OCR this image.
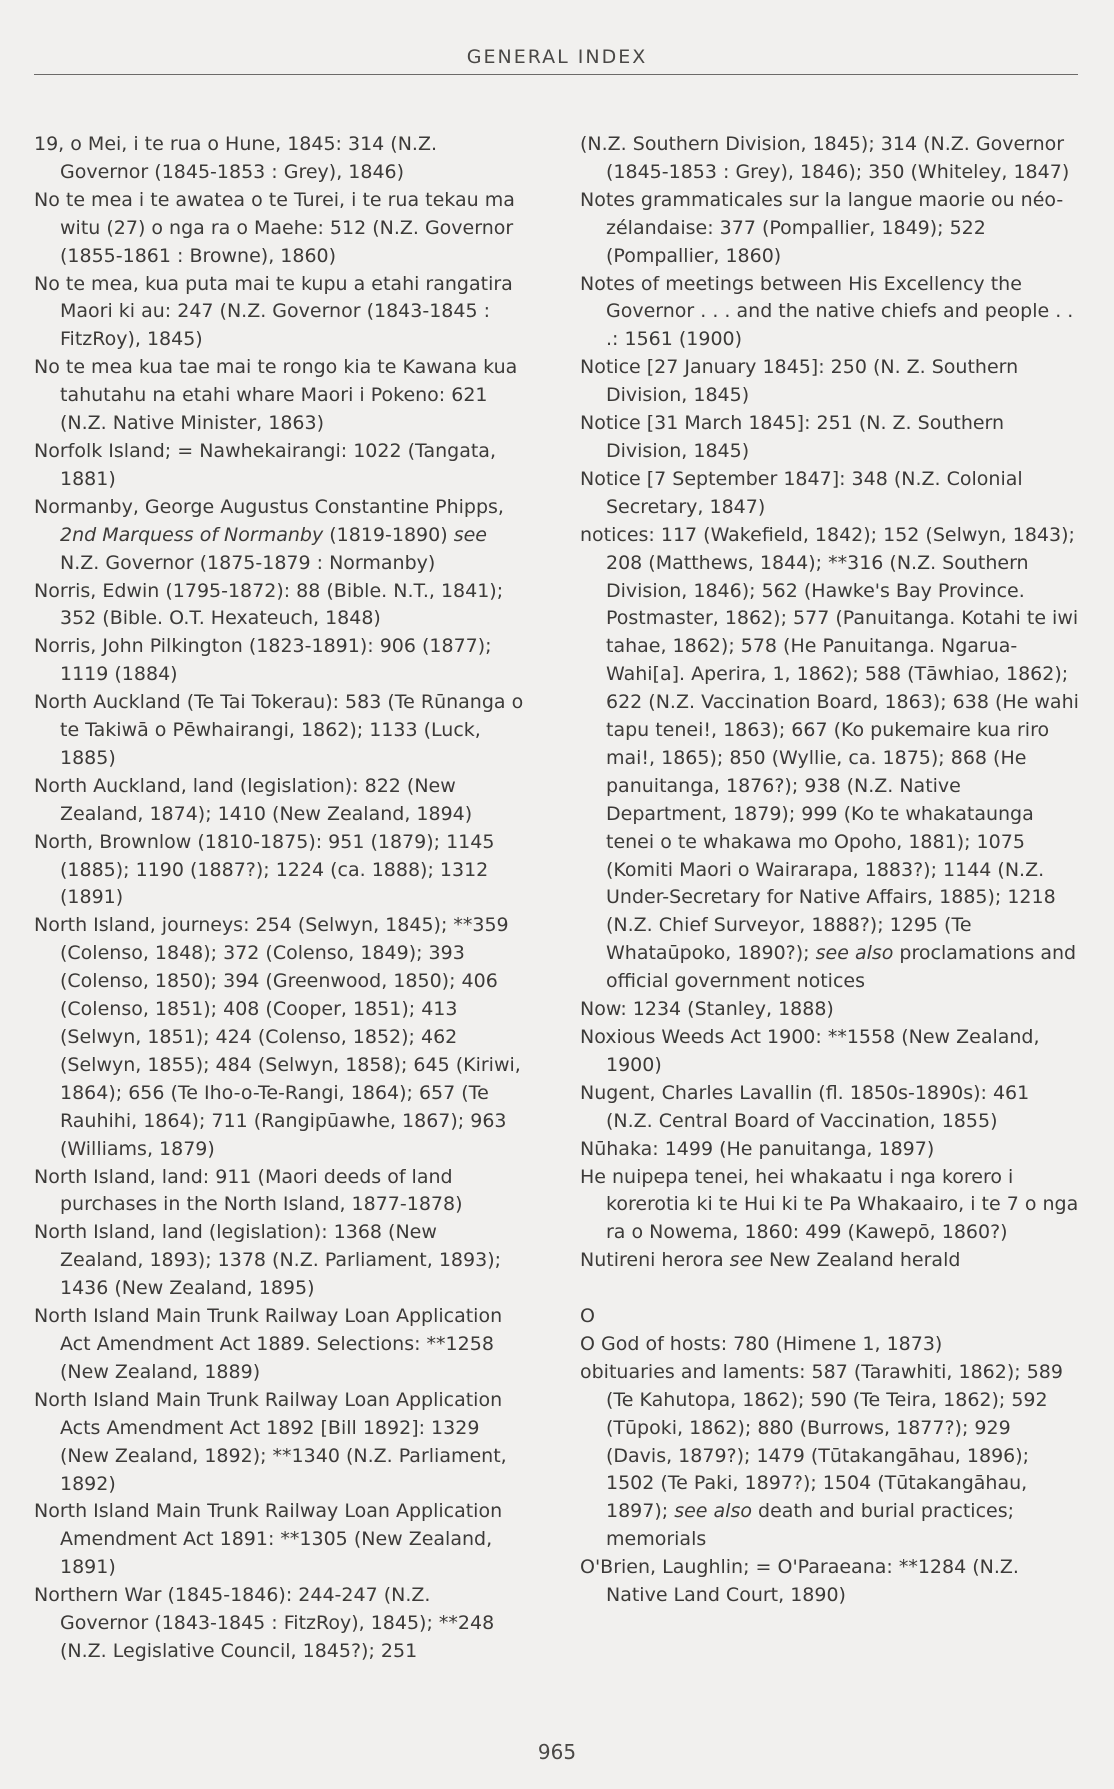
GENERAL INDEX
19, o Mei, i te rua o Hune, 1845: 314 (N.Z. Governor (1845-1853 : Grey), 1846)
No te mea i te awatea o te Turei, i te rua tekau ma witu (27) o nga ra o Maehe: 512 (N.Z. Governor (1855-1861 : Browne), 1860)
No te mea, kua puta mai te kupu a etahi rangatira Maori ki au: 247 (N.Z. Governor (1843-1845 : FitzRoy), 1845)
No te mea kua tae mai te rongo kia te Kawana kua tahutahu na etahi whare Maori i Pokeno: 621 (N.Z. Native Minister, 1863)
Norfolk Island; = Nawhekairangi: 1022 (Tangata, 1881)
Normanby, George Augustus Constantine Phipps, 2nd Marquess of Normanby (1819-1890) see N.Z. Governor (1875-1879 : Normanby)
Norris, Edwin (1795-1872): 88 (Bible. N.T., 1841); 352 (Bible. O.T. Hexateuch, 1848)
Norris, John Pilkington (1823-1891): 906 (1877); 1119 (1884)
North Auckland (Te Tai Tokerau): 583 (Te Rūnanga o te Takiwā o Pēwhairangi, 1862); 1133 (Luck, 1885)
North Auckland, land (legislation): 822 (New Zealand, 1874); 1410 (New Zealand, 1894)
North, Brownlow (1810-1875): 951 (1879); 1145 (1885); 1190 (1887?); 1224 (ca. 1888); 1312 (1891)
North Island, journeys: 254 (Selwyn, 1845); **359 (Colenso, 1848); 372 (Colenso, 1849); 393 (Colenso, 1850); 394 (Greenwood, 1850); 406 (Colenso, 1851); 408 (Cooper, 1851); 413 (Selwyn, 1851); 424 (Colenso, 1852); 462 (Selwyn, 1855); 484 (Selwyn, 1858); 645 (Kiriwi, 1864); 656 (Te Iho-o-Te-Rangi, 1864); 657 (Te Rauhihi, 1864); 711 (Rangipūawhe, 1867); 963 (Williams, 1879)
North Island, land: 911 (Maori deeds of land purchases in the North Island, 1877-1878)
North Island, land (legislation): 1368 (New Zealand, 1893); 1378 (N.Z. Parliament, 1893); 1436 (New Zealand, 1895)
North Island Main Trunk Railway Loan Application Act Amendment Act 1889. Selections: **1258 (New Zealand, 1889)
North Island Main Trunk Railway Loan Application Acts Amendment Act 1892 [Bill 1892]: 1329 (New Zealand, 1892); **1340 (N.Z. Parliament, 1892)
North Island Main Trunk Railway Loan Application Amendment Act 1891: **1305 (New Zealand, 1891)
Northern War (1845-1846): 244-247 (N.Z. Governor (1843-1845 : FitzRoy), 1845); **248 (N.Z. Legislative Council, 1845?); 251
(N.Z. Southern Division, 1845); 314 (N.Z. Governor (1845-1853 : Grey), 1846); 350 (Whiteley, 1847)
Notes grammaticales sur la langue maorie ou néo-zélandaise: 377 (Pompallier, 1849); 522 (Pompallier, 1860)
Notes of meetings between His Excellency the Governor . . . and the native chiefs and people . . .: 1561 (1900)
Notice [27 January 1845]: 250 (N. Z. Southern Division, 1845)
Notice [31 March 1845]: 251 (N. Z. Southern Division, 1845)
Notice [7 September 1847]: 348 (N.Z. Colonial Secretary, 1847)
notices: 117 (Wakefield, 1842); 152 (Selwyn, 1843); 208 (Matthews, 1844); **316 (N.Z. Southern Division, 1846); 562 (Hawke's Bay Province. Postmaster, 1862); 577 (Panuitanga. Kotahi te iwi tahae, 1862); 578 (He Panuitanga. Ngarua-Wahi[a]. Aperira, 1, 1862); 588 (Tāwhiao, 1862); 622 (N.Z. Vaccination Board, 1863); 638 (He wahi tapu tenei!, 1863); 667 (Ko pukemaire kua riro mai!, 1865); 850 (Wyllie, ca. 1875); 868 (He panuitanga, 1876?); 938 (N.Z. Native Department, 1879); 999 (Ko te whakataunga tenei o te whakawa mo Opoho, 1881); 1075 (Komiti Maori o Wairarapa, 1883?); 1144 (N.Z. Under-Secretary for Native Affairs, 1885); 1218 (N.Z. Chief Surveyor, 1888?); 1295 (Te Whataūpoko, 1890?); see also proclamations and official government notices
Now: 1234 (Stanley, 1888)
Noxious Weeds Act 1900: **1558 (New Zealand, 1900)
Nugent, Charles Lavallin (fl. 1850s-1890s): 461 (N.Z. Central Board of Vaccination, 1855)
Nūhaka: 1499 (He panuitanga, 1897)
He nuipepa tenei, hei whakaatu i nga korero i korerotia ki te Hui ki te Pa Whakaairo, i te 7 o nga ra o Nowema, 1860: 499 (Kawepō, 1860?)
Nutireni herora see New Zealand herald
O
O God of hosts: 780 (Himene 1, 1873)
obituaries and laments: 587 (Tarawhiti, 1862); 589 (Te Kahutopa, 1862); 590 (Te Teira, 1862); 592 (Tūpoki, 1862); 880 (Burrows, 1877?); 929 (Davis, 1879?); 1479 (Tūtakangāhau, 1896); 1502 (Te Paki, 1897?); 1504 (Tūtakangāhau, 1897); see also death and burial practices; memorials
O'Brien, Laughlin; = O'Paraeana: **1284 (N.Z. Native Land Court, 1890)
965
